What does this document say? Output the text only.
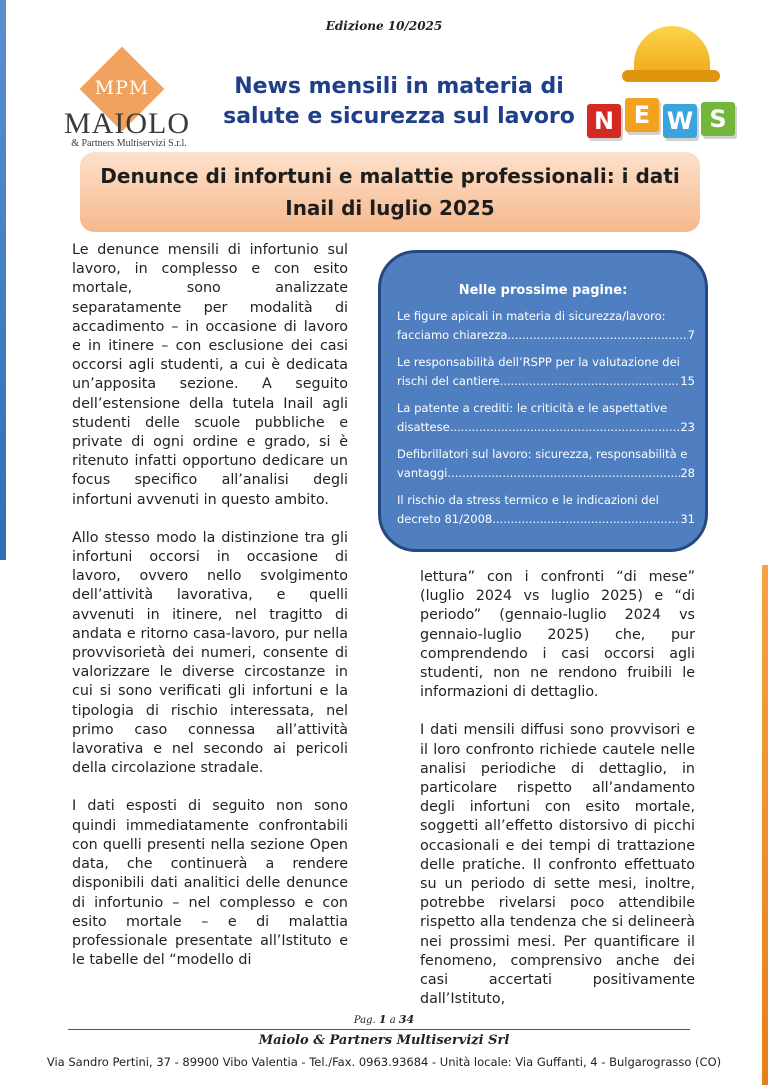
Edizione 10/2025
MPM
MAIOLO
& Partners Multiservizi S.r.l.
News mensili in materia di
salute e sicurezza sul lavoro N E W S
Denunce di infortuni e malattie professionali: i dati
Inail di luglio 2025

Le denunce mensili di infortunio sul lavoro, in complesso e con esito mortale, sono analizzate separatamente per modalità di accadimento – in occasione di lavoro e in itinere – con esclusione dei casi occorsi agli studenti, a cui è dedicata un’apposita sezione. A seguito dell’estensione della tutela Inail agli studenti delle scuole pubbliche e private di ogni ordine e grado, si è ritenuto infatti opportuno dedicare un focus specifico all’analisi degli infortuni avvenuti in questo ambito.

Allo stesso modo la distinzione tra gli infortuni occorsi in occasione di lavoro, ovvero nello svolgimento dell’attività lavorativa, e quelli avvenuti in itinere, nel tragitto di andata e ritorno casa-lavoro, pur nella provvisorietà dei numeri, consente di valorizzare le diverse circostanze in cui si sono verificati gli infortuni e la tipologia di rischio interessata, nel primo caso connessa all’attività lavorativa e nel secondo ai pericoli della circolazione stradale.

I dati esposti di seguito non sono quindi immediatamente confrontabili con quelli presenti nella sezione Open data, che continuerà a rendere disponibili dati analitici delle denunce di infortunio – nel complesso e con esito mortale – e di malattia professionale presentate all’Istituto e le tabelle del “modello di

Nelle prossime pagine:
Le figure apicali in materia di sicurezza/lavoro:
facciamo chiarezza .....	7
Le responsabilità dell’RSPP per la valutazione dei
rischi del cantiere .....	15
La patente a crediti: le criticità e le aspettative
disattese .....	23
Defibrillatori sul lavoro: sicurezza, responsabilità e
vantaggi .....	28
Il rischio da stress termico e le indicazioni del
decreto 81/2008 .....	31

lettura” con i confronti “di mese” (luglio 2024 vs luglio 2025) e “di periodo” (gennaio-luglio 2024 vs gennaio-luglio 2025) che, pur comprendendo i casi occorsi agli studenti, non ne rendono fruibili le informazioni di dettaglio.

I dati mensili diffusi sono provvisori e il loro confronto richiede cautele nelle analisi periodiche di dettaglio, in particolare rispetto all’andamento degli infortuni con esito mortale, soggetti all’effetto distorsivo di picchi occasionali e dei tempi di trattazione delle pratiche. Il confronto effettuato su un periodo di sette mesi, inoltre, potrebbe rivelarsi poco attendibile rispetto alla tendenza che si delineerà nei prossimi mesi. Per quantificare il fenomeno, comprensivo anche dei casi accertati positivamente dall’Istituto,

Pag. 1 a 34
Maiolo & Partners Multiservizi Srl
Via Sandro Pertini, 37 - 89900 Vibo Valentia - Tel./Fax. 0963.93684 - Unità locale: Via Guffanti, 4 - Bulgarograsso (CO)
